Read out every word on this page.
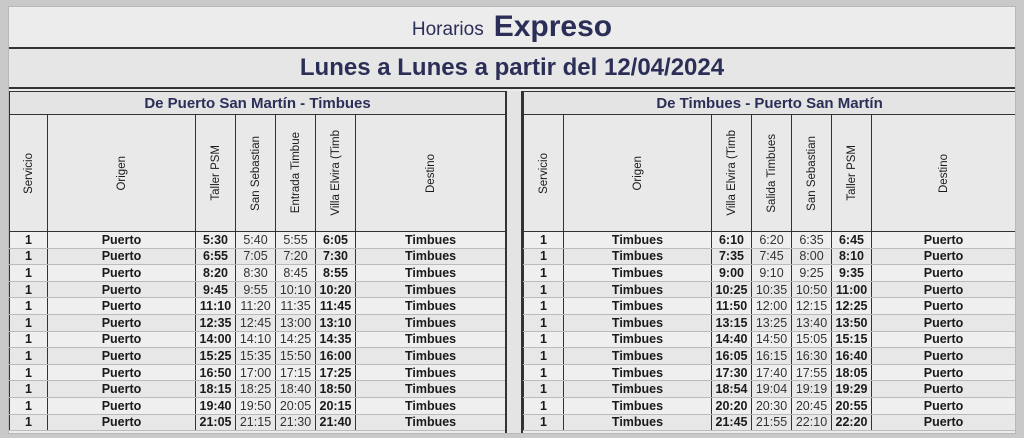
Horarios Expreso
Lunes a Lunes a partir del 12/04/2024
De Puerto San Martín - Timbues						

Servicio	Origen	Taller PSM	San Sebastian	Entrada Timbue	Villa Elvira (Timb	Destino

1	Puerto	5:30	5:40	5:55	6:05	Timbues
1	Puerto	6:55	7:05	7:20	7:30	Timbues
1	Puerto	8:20	8:30	8:45	8:55	Timbues
1	Puerto	9:45	9:55	10:10	10:20	Timbues
1	Puerto	11:10	11:20	11:35	11:45	Timbues
1	Puerto	12:35	12:45	13:00	13:10	Timbues
1	Puerto	14:00	14:10	14:25	14:35	Timbues
1	Puerto	15:25	15:35	15:50	16:00	Timbues
1	Puerto	16:50	17:00	17:15	17:25	Timbues
1	Puerto	18:15	18:25	18:40	18:50	Timbues
1	Puerto	19:40	19:50	20:05	20:15	Timbues
1	Puerto	21:05	21:15	21:30	21:40	Timbues
De Timbues - Puerto San Martín						

Servicio	Origen	Villa Elvira (Timb	Salida Timbues	San Sebastian	Taller PSM	Destino

1	Timbues	6:10	6:20	6:35	6:45	Puerto
1	Timbues	7:35	7:45	8:00	8:10	Puerto
1	Timbues	9:00	9:10	9:25	9:35	Puerto
1	Timbues	10:25	10:35	10:50	11:00	Puerto
1	Timbues	11:50	12:00	12:15	12:25	Puerto
1	Timbues	13:15	13:25	13:40	13:50	Puerto
1	Timbues	14:40	14:50	15:05	15:15	Puerto
1	Timbues	16:05	16:15	16:30	16:40	Puerto
1	Timbues	17:30	17:40	17:55	18:05	Puerto
1	Timbues	18:54	19:04	19:19	19:29	Puerto
1	Timbues	20:20	20:30	20:45	20:55	Puerto
1	Timbues	21:45	21:55	22:10	22:20	Puerto
